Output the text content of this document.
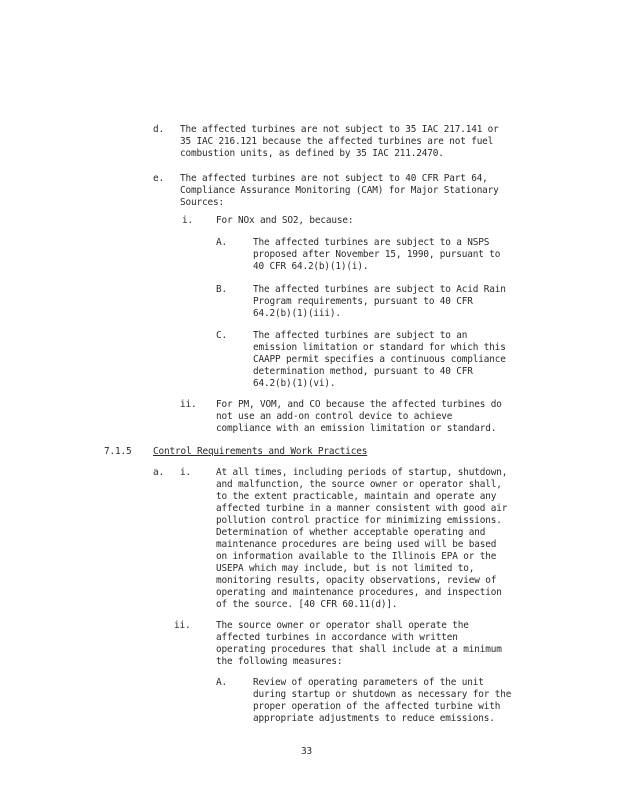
d. The affected turbines are not subject to 35 IAC 217.141 or
35 IAC 216.121 because the affected turbines are not fuel
combustion units, as defined by 35 IAC 211.2470.
e. The affected turbines are not subject to 40 CFR Part 64,
Compliance Assurance Monitoring (CAM) for Major Stationary
Sources:
i. For NOx and SO2, because:
A.	The affected turbines are subject to a NSPS
proposed after November 15, 1990, pursuant to
40 CFR 64.2(b)(1)(i).
B.	The affected turbines are subject to Acid Rain
Program requirements, pursuant to 40 CFR
64.2(b)(1)(iii).
C.	The affected turbines are subject to an
emission limitation or standard for which this
CAAPP permit specifies a continuous compliance
determination method, pursuant to 40 CFR
64.2(b)(1)(vi).
ii. For PM, VOM, and CO because the affected turbines do
not use an add-on control device to achieve
compliance with an emission limitation or standard.
7.1.5 Control Requirements and Work Practices
a. i.	At all times, including periods of startup, shutdown,
and malfunction, the source owner or operator shall,
to the extent practicable, maintain and operate any
affected turbine in a manner consistent with good air
pollution control practice for minimizing emissions.
Determination of whether acceptable operating and
maintenance procedures are being used will be based
on information available to the Illinois EPA or the
USEPA which may include, but is not limited to,
monitoring results, opacity observations, review of
operating and maintenance procedures, and inspection
of the source. [40 CFR 60.11(d)].
ii.	The source owner or operator shall operate the
affected turbines in accordance with written
operating procedures that shall include at a minimum
the following measures:
A.	Review of operating parameters of the unit
during startup or shutdown as necessary for the
proper operation of the affected turbine with
appropriate adjustments to reduce emissions.
33
